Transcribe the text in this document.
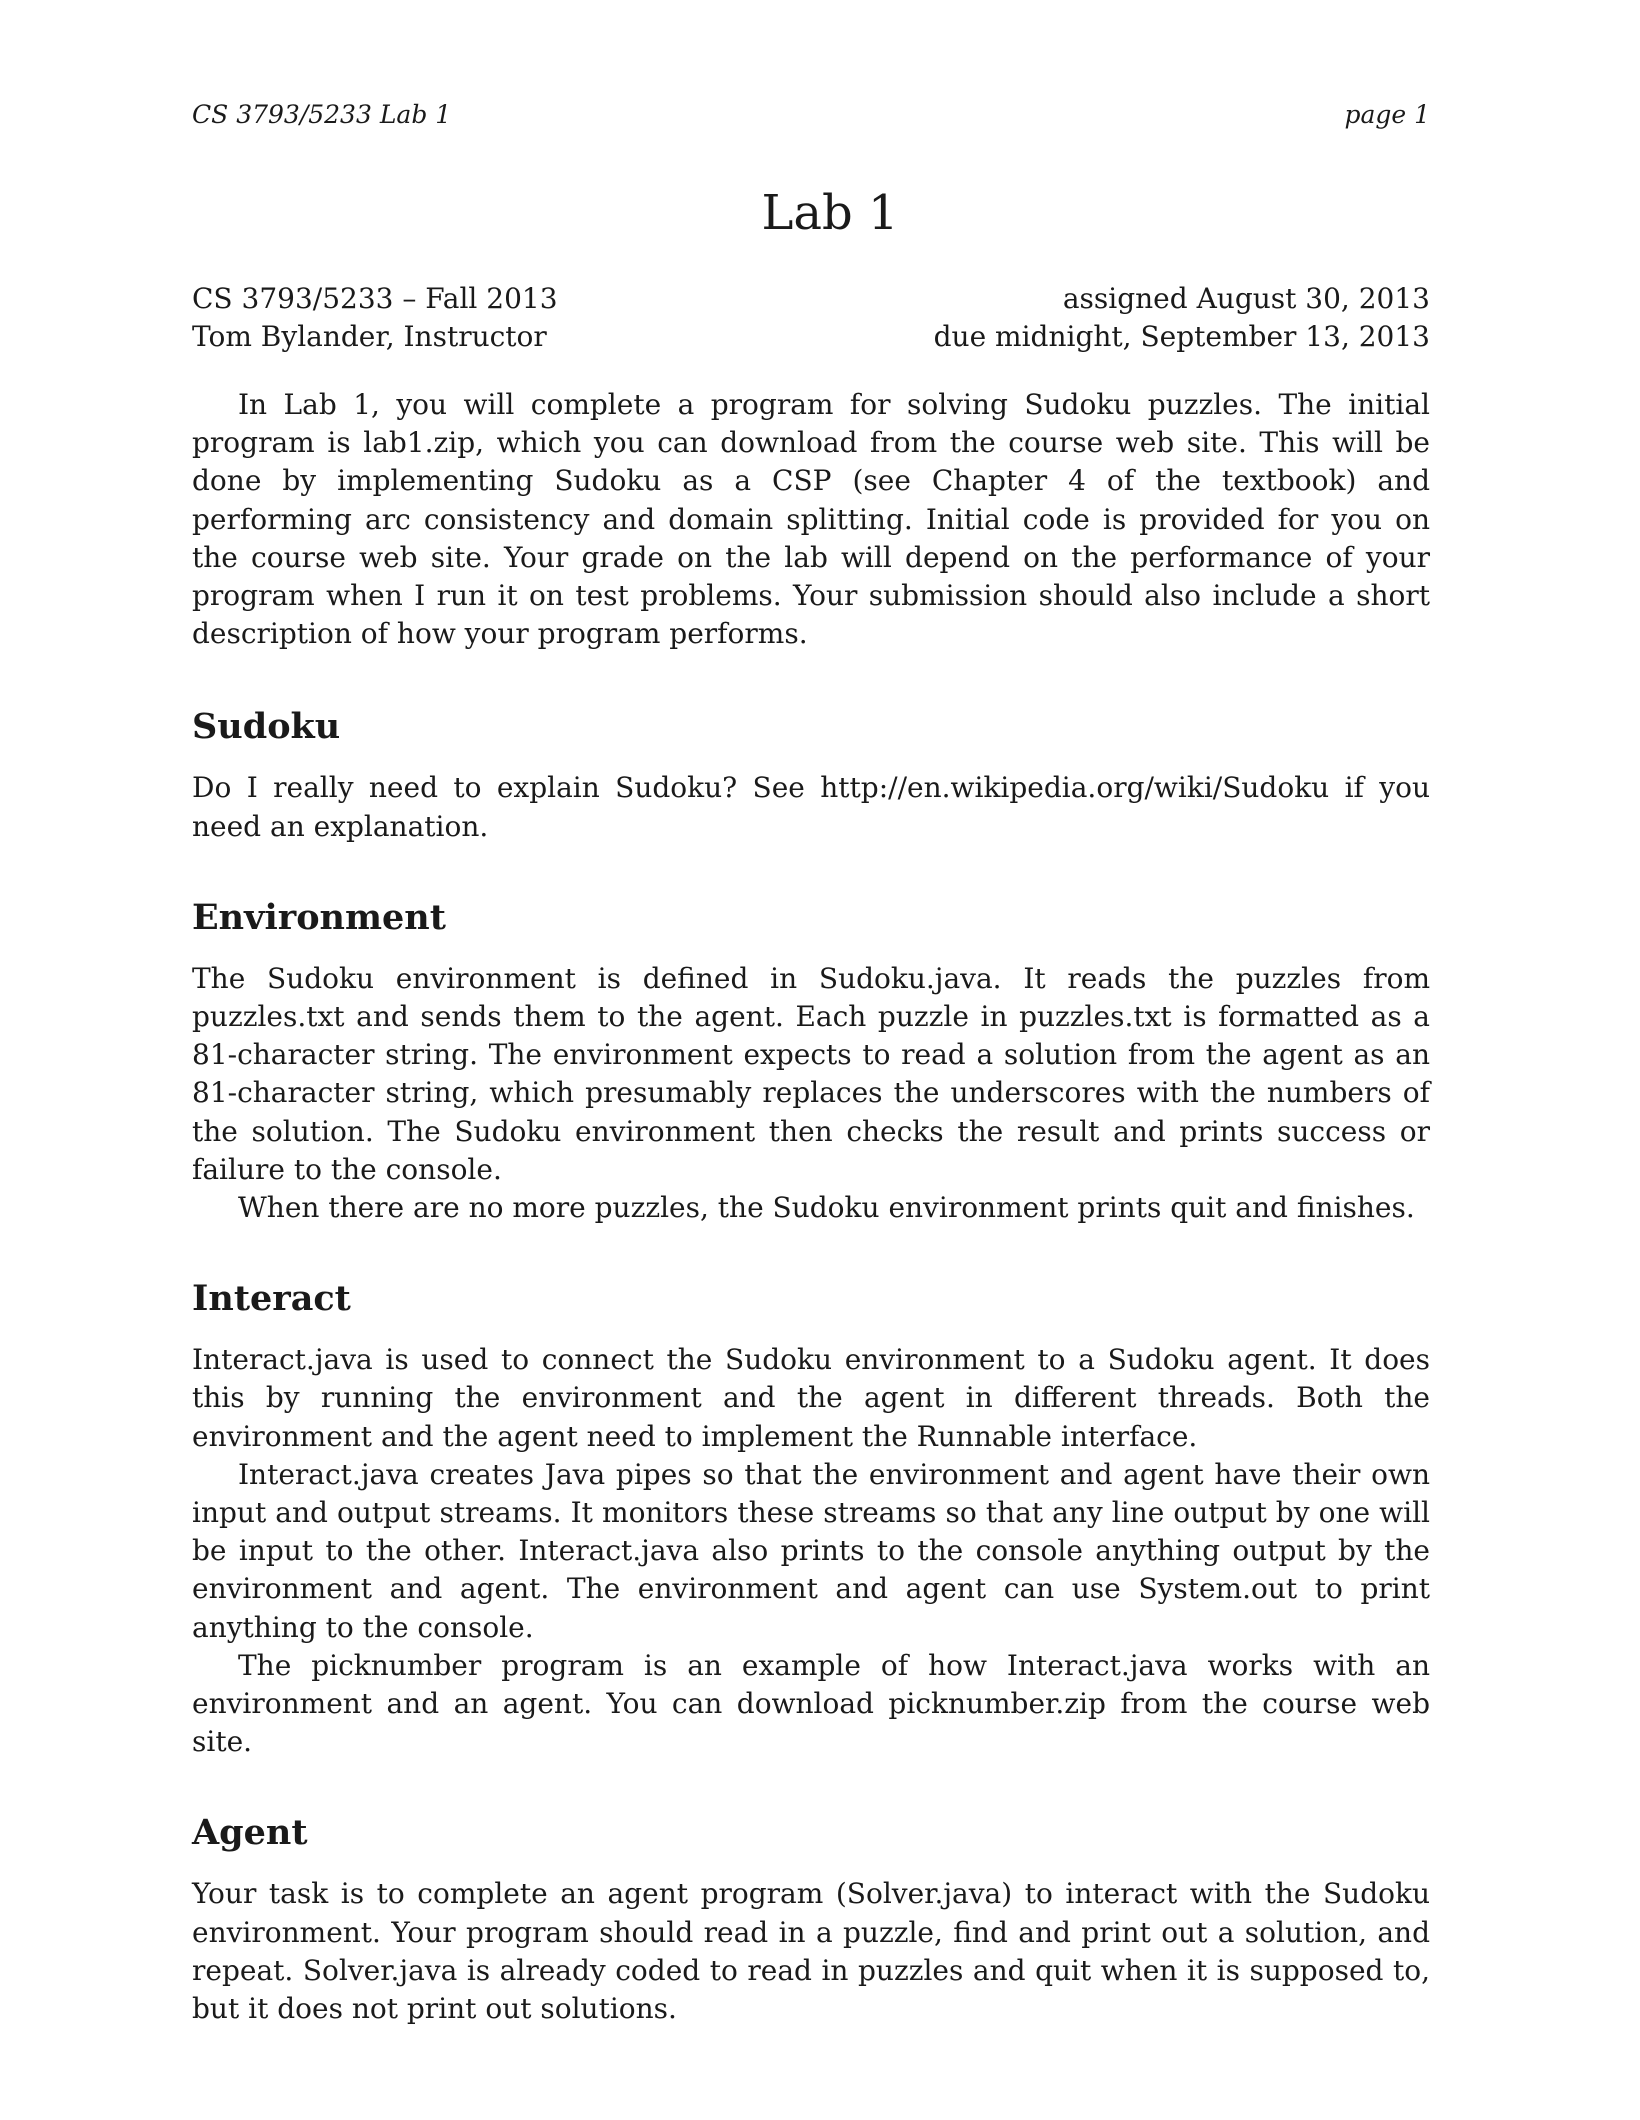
CS 3793/5233 Lab 1	page 1
Lab 1
CS 3793/5233 – Fall 2013
Tom Bylander, Instructor
assigned August 30, 2013
due midnight, September 13, 2013

In Lab 1, you will complete a program for solving Sudoku puzzles. The initial program is lab1.zip, which you can download from the course web site. This will be done by implementing Sudoku as a CSP (see Chapter 4 of the textbook) and performing arc consistency and domain splitting. Initial code is provided for you on the course web site. Your grade on the lab will depend on the performance of your program when I run it on test problems. Your submission should also include a short description of how your program performs.

Sudoku

Do I really need to explain Sudoku? See http://en.wikipedia.org/wiki/Sudoku if you need an explanation.

Environment

The Sudoku environment is defined in Sudoku.java. It reads the puzzles from puzzles.txt and sends them to the agent. Each puzzle in puzzles.txt is formatted as a 81-character string. The environment expects to read a solution from the agent as an 81-character string, which presumably replaces the underscores with the numbers of the solution. The Sudoku environment then checks the result and prints success or failure to the console.

When there are no more puzzles, the Sudoku environment prints quit and finishes.

Interact

Interact.java is used to connect the Sudoku environment to a Sudoku agent. It does this by running the environment and the agent in different threads. Both the environment and the agent need to implement the Runnable interface.

Interact.java creates Java pipes so that the environment and agent have their own input and output streams. It monitors these streams so that any line output by one will be input to the other. Interact.java also prints to the console anything output by the environment and agent. The environment and agent can use System.out to print anything to the console.

The picknumber program is an example of how Interact.java works with an environment and an agent. You can download picknumber.zip from the course web site.

Agent

Your task is to complete an agent program (Solver.java) to interact with the Sudoku environment. Your program should read in a puzzle, find and print out a solution, and repeat. Solver.java is already coded to read in puzzles and quit when it is supposed to, but it does not print out solutions.
